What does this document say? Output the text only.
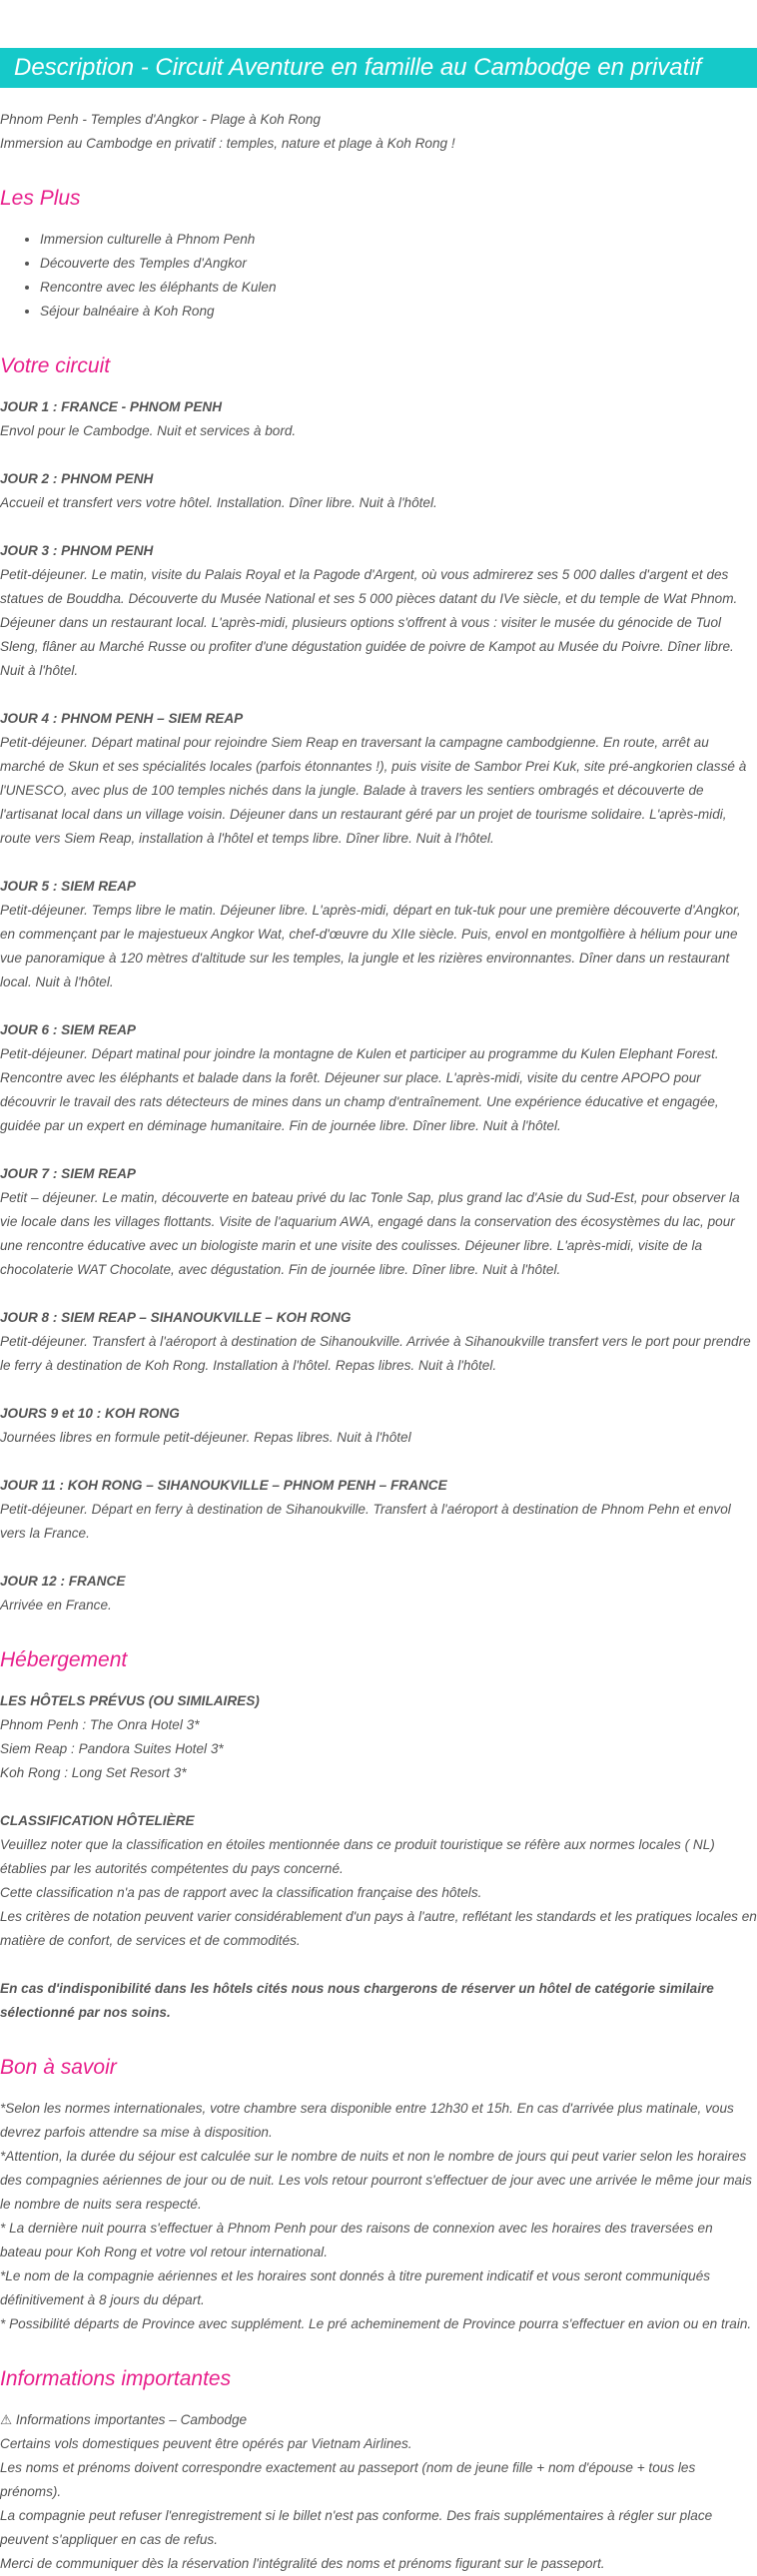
Description - Circuit Aventure en famille au Cambodge en privatif

Phnom Penh - Temples d'Angkor - Plage à Koh Rong

Immersion au Cambodge en privatif : temples, nature et plage à Koh Rong !

Les Plus
• Immersion culturelle à Phnom Penh
• Découverte des Temples d'Angkor
• Rencontre avec les éléphants de Kulen
• Séjour balnéaire à Koh Rong
Votre circuit

JOUR 1 : FRANCE - PHNOM PENH

Envol pour le Cambodge. Nuit et services à bord.

JOUR 2 : PHNOM PENH

Accueil et transfert vers votre hôtel. Installation. Dîner libre. Nuit à l'hôtel.

JOUR 3 : PHNOM PENH

Petit-déjeuner. Le matin, visite du Palais Royal et la Pagode d'Argent, où vous admirerez ses 5 000 dalles d'argent et des statues de Bouddha. Découverte du Musée National et ses 5 000 pièces datant du IVe siècle, et du temple de Wat Phnom. Déjeuner dans un restaurant local. L'après-midi, plusieurs options s'offrent à vous : visiter le musée du génocide de Tuol Sleng, flâner au Marché Russe ou profiter d'une dégustation guidée de poivre de Kampot au Musée du Poivre. Dîner libre. Nuit à l'hôtel.

JOUR 4 : PHNOM PENH – SIEM REAP

Petit-déjeuner. Départ matinal pour rejoindre Siem Reap en traversant la campagne cambodgienne. En route, arrêt au marché de Skun et ses spécialités locales (parfois étonnantes !), puis visite de Sambor Prei Kuk, site pré-angkorien classé à l'UNESCO, avec plus de 100 temples nichés dans la jungle. Balade à travers les sentiers ombragés et découverte de l'artisanat local dans un village voisin. Déjeuner dans un restaurant géré par un projet de tourisme solidaire. L'après-midi, route vers Siem Reap, installation à l'hôtel et temps libre. Dîner libre. Nuit à l'hôtel.

JOUR 5 : SIEM REAP

Petit-déjeuner. Temps libre le matin. Déjeuner libre. L'après-midi, départ en tuk-tuk pour une première découverte d'Angkor, en commençant par le majestueux Angkor Wat, chef-d'œuvre du XIIe siècle. Puis, envol en montgolfière à hélium pour une vue panoramique à 120 mètres d'altitude sur les temples, la jungle et les rizières environnantes. Dîner dans un restaurant local. Nuit à l'hôtel.

JOUR 6 : SIEM REAP

Petit-déjeuner. Départ matinal pour joindre la montagne de Kulen et participer au programme du Kulen Elephant Forest. Rencontre avec les éléphants et balade dans la forêt. Déjeuner sur place. L'après-midi, visite du centre APOPO pour découvrir le travail des rats détecteurs de mines dans un champ d'entraînement. Une expérience éducative et engagée, guidée par un expert en déminage humanitaire. Fin de journée libre. Dîner libre. Nuit à l'hôtel.

JOUR 7 : SIEM REAP

Petit – déjeuner. Le matin, découverte en bateau privé du lac Tonle Sap, plus grand lac d'Asie du Sud-Est, pour observer la vie locale dans les villages flottants. Visite de l'aquarium AWA, engagé dans la conservation des écosystèmes du lac, pour une rencontre éducative avec un biologiste marin et une visite des coulisses. Déjeuner libre. L'après-midi, visite de la chocolaterie WAT Chocolate, avec dégustation. Fin de journée libre. Dîner libre. Nuit à l'hôtel.

JOUR 8 : SIEM REAP – SIHANOUKVILLE – KOH RONG

Petit-déjeuner. Transfert à l'aéroport à destination de Sihanoukville. Arrivée à Sihanoukville transfert vers le port pour prendre le ferry à destination de Koh Rong. Installation à l'hôtel. Repas libres. Nuit à l'hôtel.

JOURS 9 et 10 : KOH RONG

Journées libres en formule petit-déjeuner. Repas libres. Nuit à l'hôtel

JOUR 11 : KOH RONG – SIHANOUKVILLE – PHNOM PENH – FRANCE

Petit-déjeuner. Départ en ferry à destination de Sihanoukville. Transfert à l'aéroport à destination de Phnom Pehn et envol vers la France.

JOUR 12 : FRANCE

Arrivée en France.

Hébergement

LES HÔTELS PRÉVUS (OU SIMILAIRES)

Phnom Penh : The Onra Hotel 3*

Siem Reap : Pandora Suites Hotel 3*

Koh Rong : Long Set Resort 3*

CLASSIFICATION HÔTELIÈRE

Veuillez noter que la classification en étoiles mentionnée dans ce produit touristique se réfère aux normes locales ( NL) établies par les autorités compétentes du pays concerné.

Cette classification n'a pas de rapport avec la classification française des hôtels.

Les critères de notation peuvent varier considérablement d'un pays à l'autre, reflétant les standards et les pratiques locales en matière de confort, de services et de commodités.

En cas d'indisponibilité dans les hôtels cités nous nous chargerons de réserver un hôtel de catégorie similaire sélectionné par nos soins.

Bon à savoir

*Selon les normes internationales, votre chambre sera disponible entre 12h30 et 15h. En cas d'arrivée plus matinale, vous devrez parfois attendre sa mise à disposition.

*Attention, la durée du séjour est calculée sur le nombre de nuits et non le nombre de jours qui peut varier selon les horaires des compagnies aériennes de jour ou de nuit. Les vols retour pourront s'effectuer de jour avec une arrivée le même jour mais le nombre de nuits sera respecté.

* La dernière nuit pourra s'effectuer à Phnom Penh pour des raisons de connexion avec les horaires des traversées en bateau pour Koh Rong et votre vol retour international.

*Le nom de la compagnie aériennes et les horaires sont donnés à titre purement indicatif et vous seront communiqués définitivement à 8 jours du départ.

* Possibilité départs de Province avec supplément. Le pré acheminement de Province pourra s'effectuer en avion ou en train.

Informations importantes

⚠ Informations importantes – Cambodge

Certains vols domestiques peuvent être opérés par Vietnam Airlines.

Les noms et prénoms doivent correspondre exactement au passeport (nom de jeune fille + nom d'épouse + tous les prénoms).

La compagnie peut refuser l'enregistrement si le billet n'est pas conforme. Des frais supplémentaires à régler sur place peuvent s'appliquer en cas de refus.

Merci de communiquer dès la réservation l'intégralité des noms et prénoms figurant sur le passeport.
